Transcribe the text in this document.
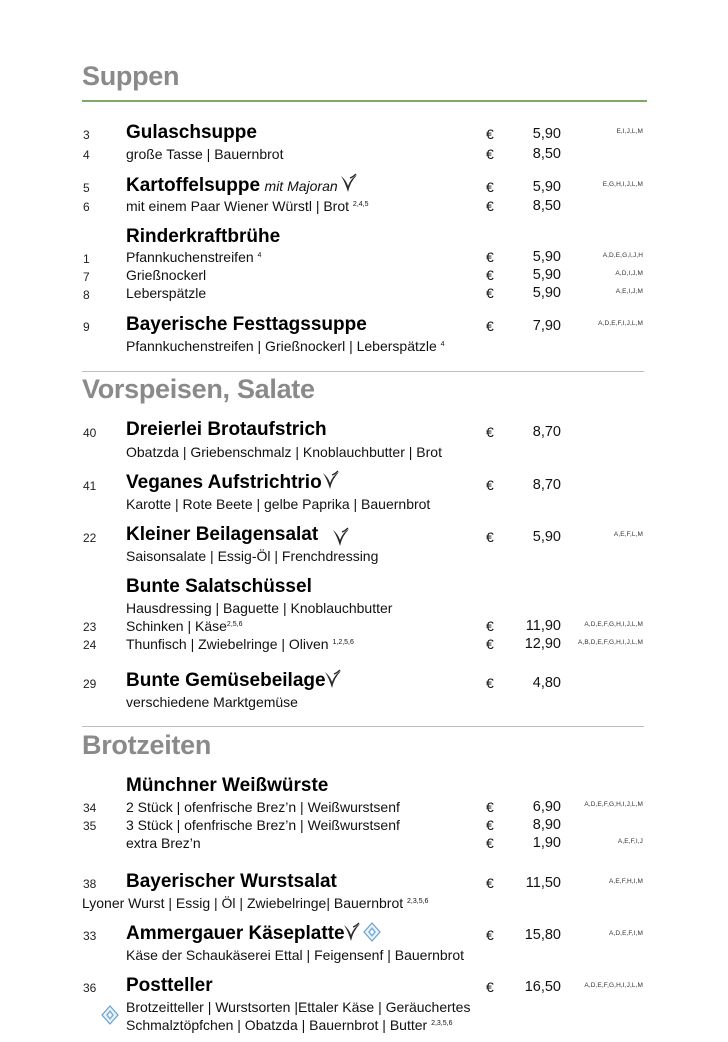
Suppen
3 Gulaschsuppe	€	5,90	E,I,J,L,M
4	große Tasse | Bauernbrot	€	8,50
5 Kartoffelsuppe mit Majoran	€	5,90	E,G,H,I,J,L,M
6	mit einem Paar Wiener Würstl | Brot $^{2,4,5}$	€	8,50
Rinderkraftbrühe
1	Pfannkuchenstreifen $^4$	€	5,90	A,D,E,G,I,J,H
7	Grießnockerl	€	5,90	A,D,I,J,M
8	Leberspätzle	€	5,90	A,E,I,J,M
9 Bayerische Festtagssuppe	€	7,90	A,D,E,F,I,J,L,M
Pfannkuchenstreifen | Grießnockerl | Leberspätzle $^4$
Vorspeisen, Salate
40 Dreierlei Brotaufstrich	€	8,70
Obatzda | Griebenschmalz | Knoblauchbutter | Brot
41 Veganes Aufstrichtrio	€	8,70
Karotte | Rote Beete | gelbe Paprika | Bauernbrot
22 Kleiner Beilagensalat	€	5,90	A,E,F,L,M
Saisonsalate | Essig-Öl | Frenchdressing
Bunte Salatschüssel
Hausdressing | Baguette | Knoblauchbutter
23 Schinken | Käse$^{2,5,6}$	€	11,90	A,D,E,F,G,H,I,J,L,M
24 Thunfisch | Zwiebelringe | Oliven $^{1,2,5,6}$	€	12,90	A,B,D,E,F,G,H,I,J,L,M
29 Bunte Gemüsebeilage	€	4,80
verschiedene Marktgemüse
Brotzeiten
Münchner Weißwürste
34 2 Stück | ofenfrische Brez’n | Weißwurstsenf	€	6,90	A,D,E,F,G,H,I,J,L,M
35 3 Stück | ofenfrische Brez’n | Weißwurstsenf	€	8,90
extra Brez’n	€	1,90	A,E,F,I,J
38 Bayerischer Wurstsalat	€	11,50	A,E,F,H,I,M
Lyoner Wurst | Essig | Öl | Zwiebelringe| Bauernbrot $^{2,3,5,6}$
33 Ammergauer Käseplatte	€	15,80	A,D,E,F,I,M
Käse der Schaukäserei Ettal | Feigensenf | Bauernbrot
36 Postteller	€	16,50	A,D,E,F,G,H,I,J,L,M
Brotzeitteller | Wurstsorten |Ettaler Käse | Geräuchertes
Schmalztöpfchen | Obatzda | Bauernbrot | Butter $^{2,3,5,6}$
